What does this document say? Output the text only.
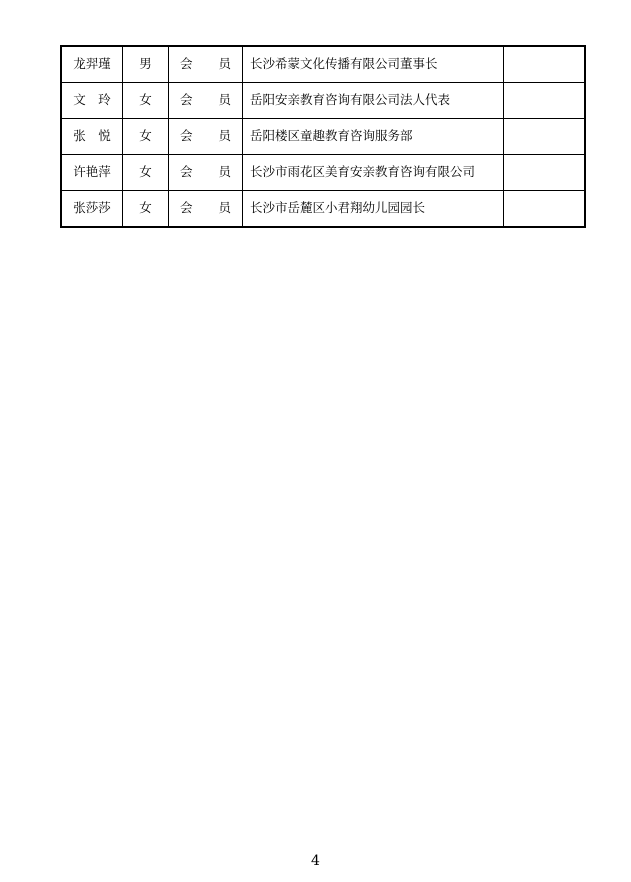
龙羿瑾	男	会 员	长沙希蒙文化传播有限公司董事长	
文　玲	女	会 员	岳阳安亲教育咨询有限公司法人代表	
张　悦	女	会 员	岳阳楼区童趣教育咨询服务部	
许艳萍	女	会 员	长沙市雨花区美育安亲教育咨询有限公司	
张莎莎	女	会 员	长沙市岳麓区小君翔幼儿园园长	
4
